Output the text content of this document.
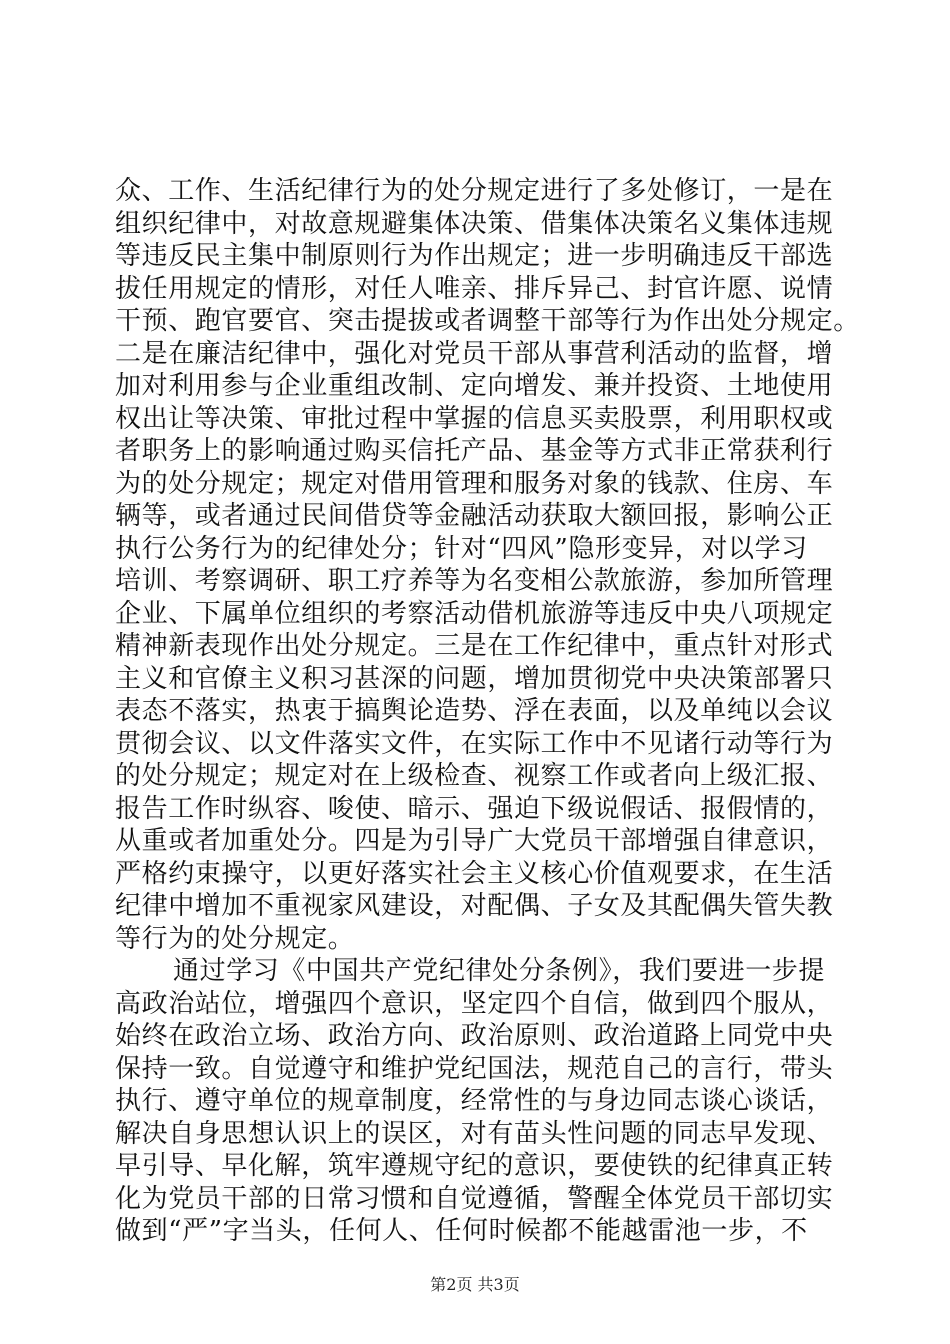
众、工作、生活纪律行为的处分规定进行了多处修订，一是在
组织纪律中，对故意规避集体决策、借集体决策名义集体违规
等违反民主集中制原则行为作出规定；进一步明确违反干部选
拔任用规定的情形，对任人唯亲、排斥异己、封官许愿、说情
干预、跑官要官、突击提拔或者调整干部等行为作出处分规定。
二是在廉洁纪律中，强化对党员干部从事营利活动的监督，增
加对利用参与企业重组改制、定向增发、兼并投资、土地使用
权出让等决策、审批过程中掌握的信息买卖股票，利用职权或
者职务上的影响通过购买信托产品、基金等方式非正常获利行
为的处分规定；规定对借用管理和服务对象的钱款、住房、车
辆等，或者通过民间借贷等金融活动获取大额回报，影响公正
执行公务行为的纪律处分；针对“四风”隐形变异，对以学习
培训、考察调研、职工疗养等为名变相公款旅游，参加所管理
企业、下属单位组织的考察活动借机旅游等违反中央八项规定
精神新表现作出处分规定。三是在工作纪律中，重点针对形式
主义和官僚主义积习甚深的问题，增加贯彻党中央决策部署只
表态不落实，热衷于搞舆论造势、浮在表面，以及单纯以会议
贯彻会议、以文件落实文件，在实际工作中不见诸行动等行为
的处分规定；规定对在上级检查、视察工作或者向上级汇报、
报告工作时纵容、唆使、暗示、强迫下级说假话、报假情的，
从重或者加重处分。四是为引导广大党员干部增强自律意识，
严格约束操守，以更好落实社会主义核心价值观要求，在生活
纪律中增加不重视家风建设，对配偶、子女及其配偶失管失教
等行为的处分规定。
通过学习《中国共产党纪律处分条例》，我们要进一步提
高政治站位，增强四个意识，坚定四个自信，做到四个服从，
始终在政治立场、政治方向、政治原则、政治道路上同党中央
保持一致。自觉遵守和维护党纪国法，规范自己的言行，带头
执行、遵守单位的规章制度，经常性的与身边同志谈心谈话，
解决自身思想认识上的误区，对有苗头性问题的同志早发现、
早引导、早化解，筑牢遵规守纪的意识，要使铁的纪律真正转
化为党员干部的日常习惯和自觉遵循，警醒全体党员干部切实
做到“严”字当头，任何人、任何时候都不能越雷池一步，不
第2页 共3页
